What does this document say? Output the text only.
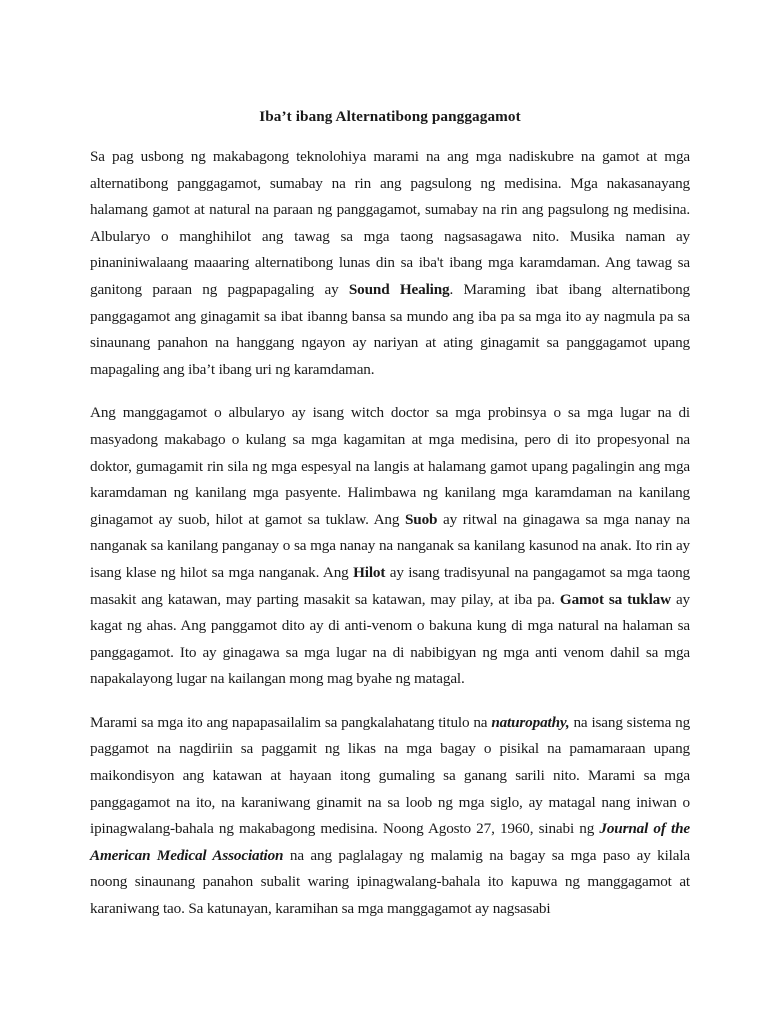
Iba’t ibang Alternatibong panggagamot

Sa pag usbong ng makabagong teknolohiya marami na ang mga nadiskubre na gamot at mga alternatibong panggagamot, sumabay na rin ang pagsulong ng medisina. Mga nakasanayang halamang gamot at natural na paraan ng panggagamot, sumabay na rin ang pagsulong ng medisina. Albularyo o manghihilot ang tawag sa mga taong nagsasagawa nito. Musika naman ay pinaniniwalaang maaaring alternatibong lunas din sa iba't ibang mga karamdaman. Ang tawag sa ganitong paraan ng pagpapagaling ay Sound Healing. Maraming ibat ibang alternatibong panggagamot ang ginagamit sa ibat ibanng bansa sa mundo ang iba pa sa mga ito ay nagmula pa sa sinaunang panahon na hanggang ngayon ay nariyan at ating ginagamit sa panggagamot upang mapagaling ang iba’t ibang uri ng karamdaman.

Ang manggagamot o albularyo ay isang witch doctor sa mga probinsya o sa mga lugar na di masyadong makabago o kulang sa mga kagamitan at mga medisina, pero di ito propesyonal na doktor, gumagamit rin sila ng mga espesyal na langis at halamang gamot upang pagalingin ang mga karamdaman ng kanilang mga pasyente. Halimbawa ng kanilang mga karamdaman na kanilang ginagamot ay suob, hilot at gamot sa tuklaw. Ang Suob ay ritwal na ginagawa sa mga nanay na nanganak sa kanilang panganay o sa mga nanay na nanganak sa kanilang kasunod na anak. Ito rin ay isang klase ng hilot sa mga nanganak. Ang Hilot ay isang tradisyunal na pangagamot sa mga taong masakit ang katawan, may parting masakit sa katawan, may pilay, at iba pa. Gamot sa tuklaw ay kagat ng ahas. Ang panggamot dito ay di anti-venom o bakuna kung di mga natural na halaman sa panggagamot. Ito ay ginagawa sa mga lugar na di nabibigyan ng mga anti venom dahil sa mga napakalayong lugar na kailangan mong mag byahe ng matagal.

Marami sa mga ito ang napapasailalim sa pangkalahatang titulo na naturopathy, na isang sistema ng paggamot na nagdiriin sa paggamit ng likas na mga bagay o pisikal na pamamaraan upang maikondisyon ang katawan at hayaan itong gumaling sa ganang sarili nito. Marami sa mga panggagamot na ito, na karaniwang ginamit na sa loob ng mga siglo, ay matagal nang iniwan o ipinagwalang-bahala ng makabagong medisina. Noong Agosto 27, 1960, sinabi ng Journal of the American Medical Association na ang paglalagay ng malamig na bagay sa mga paso ay kilala noong sinaunang panahon subalit waring ipinagwalang-bahala ito kapuwa ng manggagamot at karaniwang tao. Sa katunayan, karamihan sa mga manggagamot ay nagsasabi
